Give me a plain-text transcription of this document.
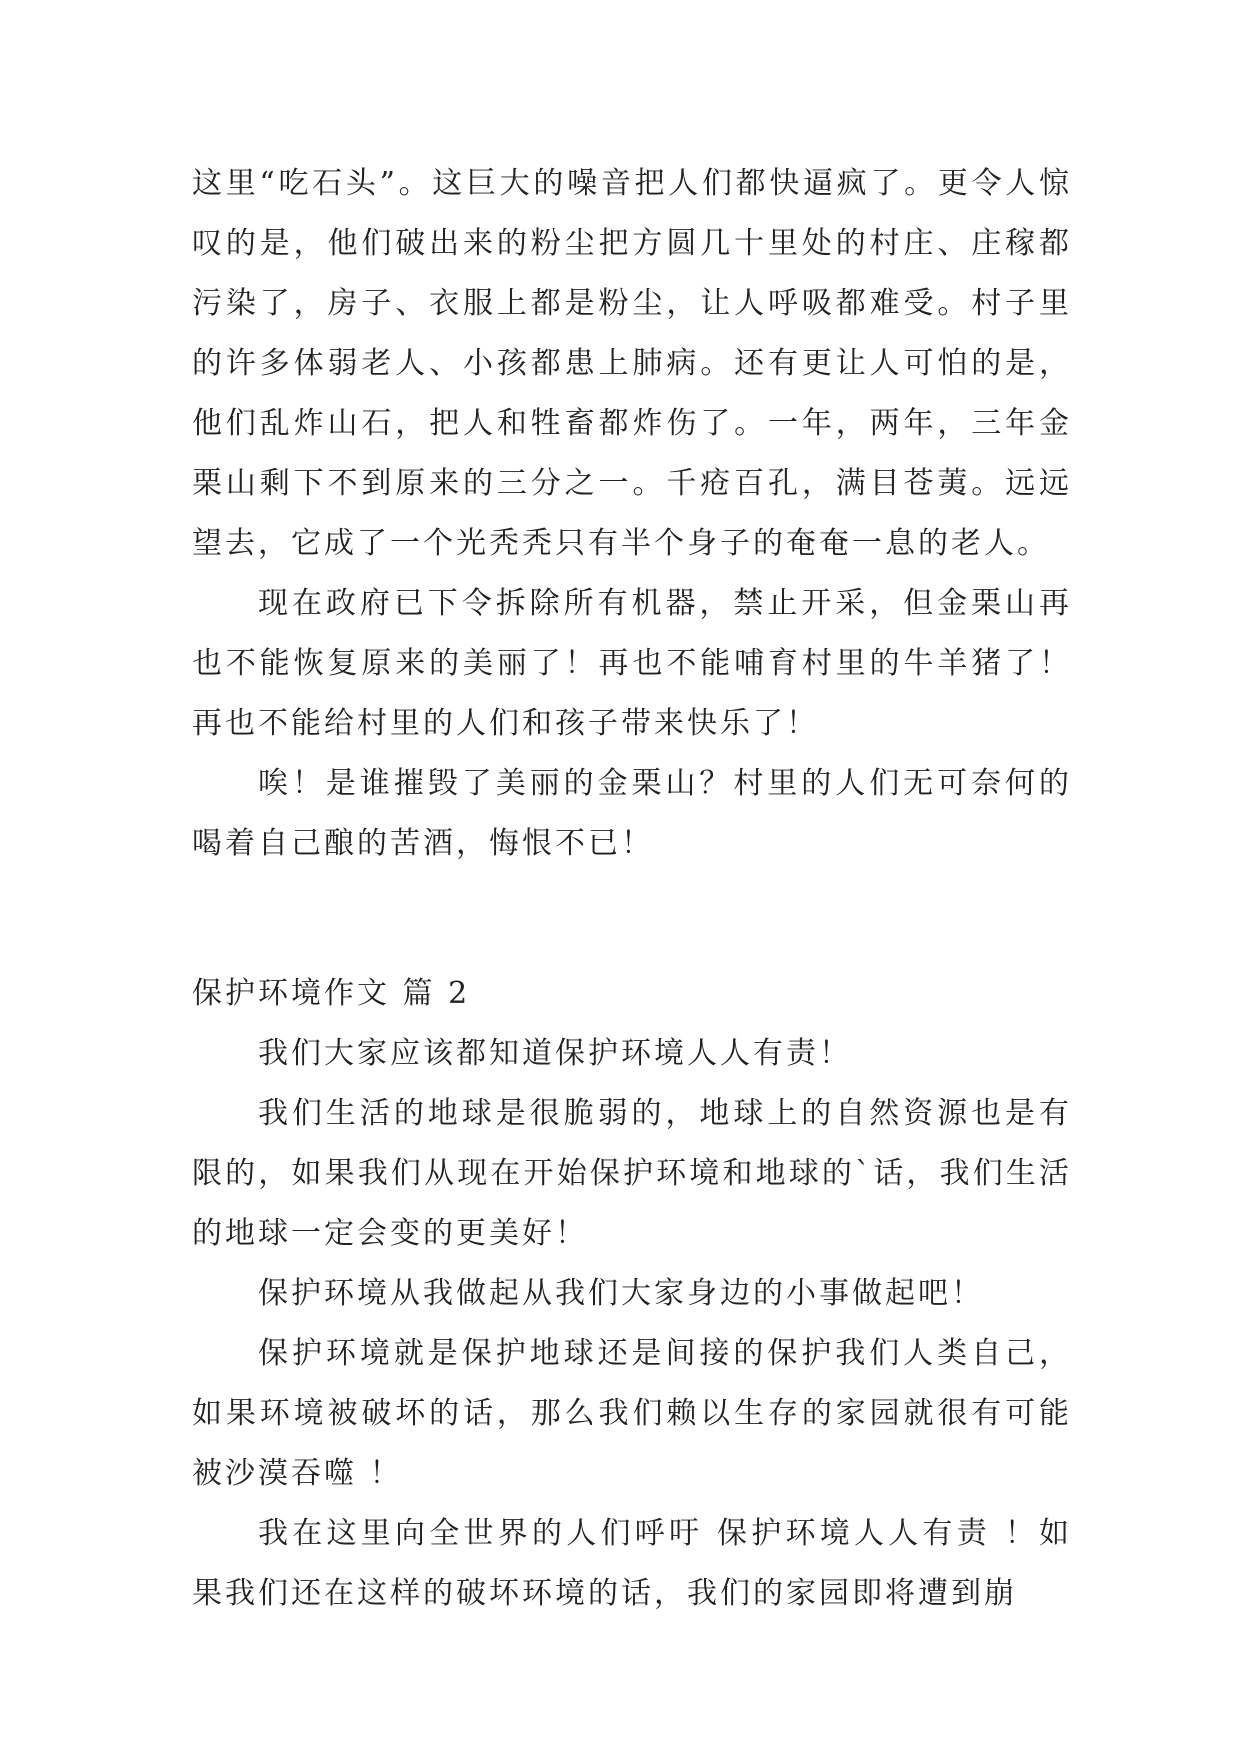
这里“吃石头”。这巨大的噪音把人们都快逼疯了。更令人惊叹的是，他们破出来的粉尘把方圆几十里处的村庄、庄稼都污染了，房子、衣服上都是粉尘，让人呼吸都难受。村子里的许多体弱老人、小孩都患上肺病。还有更让人可怕的是，他们乱炸山石，把人和牲畜都炸伤了。一年，两年，三年金栗山剩下不到原来的三分之一。千疮百孔，满目苍荑。远远望去，它成了一个光秃秃只有半个身子的奄奄一息的老人。

现在政府已下令拆除所有机器，禁止开采，但金栗山再也不能恢复原来的美丽了！再也不能哺育村里的牛羊猪了！再也不能给村里的人们和孩子带来快乐了！

唉！是谁摧毁了美丽的金栗山？村里的人们无可奈何的喝着自己酿的苦酒，悔恨不已！

保护环境作文 篇 2

我们大家应该都知道保护环境人人有责！

我们生活的地球是很脆弱的，地球上的自然资源也是有限的，如果我们从现在开始保护环境和地球的`话，我们生活的地球一定会变的更美好！

保护环境从我做起从我们大家身边的小事做起吧！

保护环境就是保护地球还是间接的保护我们人类自己，如果环境被破坏的话，那么我们赖以生存的家园就很有可能被沙漠吞噬 ！

我在这里向全世界的人们呼吁 保护环境人人有责 ！如果我们还在这样的破坏环境的话，我们的家园即将遭到崩
